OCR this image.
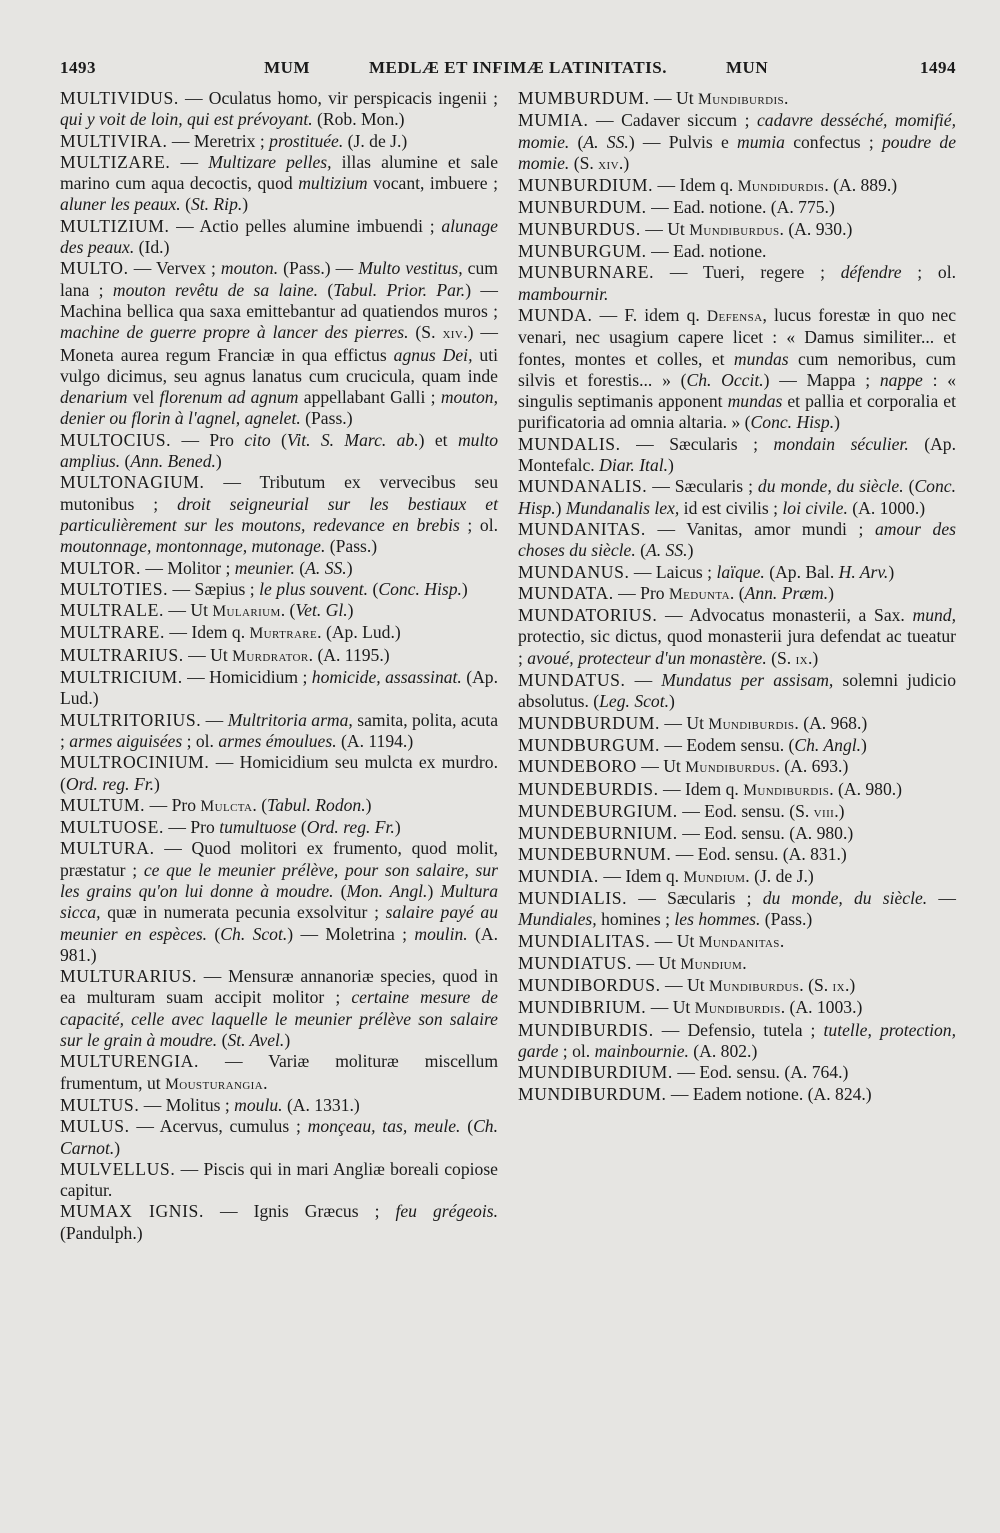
1493	MUM	MEDLÆ ET INFIMÆ LATINITATIS.	MUN	1494

MULTIVIDUS. — Oculatus homo, vir perspicacis ingenii ; qui y voit de loin, qui est prévoyant. (Rob. Mon.)

MULTIVIRA. — Meretrix ; prostituée. (J. de J.)

MULTIZARE. — Multizare pelles, illas alumine et sale marino cum aqua decoctis, quod multizium vocant, imbuere ; aluner les peaux. (St. Rip.)

MULTIZIUM. — Actio pelles alumine imbuendi ; alunage des peaux. (Id.)

MULTO. — Vervex ; mouton. (Pass.) — Multo vestitus, cum lana ; mouton revêtu de sa laine. (Tabul. Prior. Par.) — Machina bellica qua saxa emittebantur ad quatiendos muros ; machine de guerre propre à lancer des pierres. (S. xiv.) — Moneta aurea regum Franciæ in qua effictus agnus Dei, uti vulgo dicimus, seu agnus lanatus cum crucicula, quam inde denarium vel florenum ad agnum appellabant Galli ; mouton, denier ou florin à l'agnel, agnelet. (Pass.)

MULTOCIUS. — Pro cito (Vit. S. Marc. ab.) et multo amplius. (Ann. Bened.)

MULTONAGIUM. — Tributum ex vervecibus seu mutonibus ; droit seigneurial sur les bestiaux et particulièrement sur les moutons, redevance en brebis ; ol. moutonnage, montonnage, mutonage. (Pass.)

MULTOR. — Molitor ; meunier. (A. SS.)

MULTOTIES. — Sæpius ; le plus souvent. (Conc. Hisp.)

MULTRALE. — Ut Mularium. (Vet. Gl.)

MULTRARE. — Idem q. Murtrare. (Ap. Lud.)

MULTRARIUS. — Ut Murdrator. (A. 1195.)

MULTRICIUM. — Homicidium ; homicide, assassinat. (Ap. Lud.)

MULTRITORIUS. — Multritoria arma, samita, polita, acuta ; armes aiguisées ; ol. armes émoulues. (A. 1194.)

MULTROCINIUM. — Homicidium seu mulcta ex murdro. (Ord. reg. Fr.)

MULTUM. — Pro Mulcta. (Tabul. Rodon.)

MULTUOSE. — Pro tumultuose (Ord. reg. Fr.)

MULTURA. — Quod molitori ex frumento, quod molit, præstatur ; ce que le meunier prélève, pour son salaire, sur les grains qu'on lui donne à moudre. (Mon. Angl.) Multura sicca, quæ in numerata pecunia exsolvitur ; salaire payé au meunier en espèces. (Ch. Scot.) — Moletrina ; moulin. (A. 981.)

MULTURARIUS. — Mensuræ annanoriæ species, quod in ea multuram suam accipit molitor ; certaine mesure de capacité, celle avec laquelle le meunier prélève son salaire sur le grain à moudre. (St. Avel.)

MULTURENGIA. — Variæ molituræ miscellum frumentum, ut Mousturangia.

MULTUS. — Molitus ; moulu. (A. 1331.)

MULUS. — Acervus, cumulus ; monçeau, tas, meule. (Ch. Carnot.)

MULVELLUS. — Piscis qui in mari Angliæ boreali copiose capitur.

MUMAX IGNIS. — Ignis Græcus ; feu grégeois. (Pandulph.)

MUMBURDUM. — Ut Mundiburdis.

MUMIA. — Cadaver siccum ; cadavre desséché, momifié, momie. (A. SS.) — Pulvis e mumia confectus ; poudre de momie. (S. xiv.)

MUNBURDIUM. — Idem q. Mundidurdis. (A. 889.)

MUNBURDUM. — Ead. notione. (A. 775.)

MUNBURDUS. — Ut Mundiburdus. (A. 930.)

MUNBURGUM. — Ead. notione.

MUNBURNARE. — Tueri, regere ; défendre ; ol. mambournir.

MUNDA. — F. idem q. Defensa, lucus forestæ in quo nec venari, nec usagium capere licet : « Damus similiter... et fontes, montes et colles, et mundas cum nemoribus, cum silvis et forestis... » (Ch. Occit.) — Mappa ; nappe : « singulis septimanis apponent mundas et pallia et corporalia et purificatoria ad omnia altaria. » (Conc. Hisp.)

MUNDALIS. — Sæcularis ; mondain séculier. (Ap. Montefalc. Diar. Ital.)

MUNDANALIS. — Sæcularis ; du monde, du siècle. (Conc. Hisp.) Mundanalis lex, id est civilis ; loi civile. (A. 1000.)

MUNDANITAS. — Vanitas, amor mundi ; amour des choses du siècle. (A. SS.)

MUNDANUS. — Laicus ; laïque. (Ap. Bal. H. Arv.)

MUNDATA. — Pro Medunta. (Ann. Præm.)

MUNDATORIUS. — Advocatus monasterii, a Sax. mund, protectio, sic dictus, quod monasterii jura defendat ac tueatur ; avoué, protecteur d'un monastère. (S. ix.)

MUNDATUS. — Mundatus per assisam, solemni judicio absolutus. (Leg. Scot.)

MUNDBURDUM. — Ut Mundiburdis. (A. 968.)

MUNDBURGUM. — Eodem sensu. (Ch. Angl.)

MUNDEBORO — Ut Mundiburdus. (A. 693.)

MUNDEBURDIS. — Idem q. Mundiburdis. (A. 980.)

MUNDEBURGIUM. — Eod. sensu. (S. viii.)

MUNDEBURNIUM. — Eod. sensu. (A. 980.)

MUNDEBURNUM. — Eod. sensu. (A. 831.)

MUNDIA. — Idem q. Mundium. (J. de J.)

MUNDIALIS. — Sæcularis ; du monde, du siècle. — Mundiales, homines ; les hommes. (Pass.)

MUNDIALITAS. — Ut Mundanitas.

MUNDIATUS. — Ut Mundium.

MUNDIBORDUS. — Ut Mundiburdus. (S. ix.)

MUNDIBRIUM. — Ut Mundiburdis. (A. 1003.)

MUNDIBURDIS. — Defensio, tutela ; tutelle, protection, garde ; ol. mainbournie. (A. 802.)

MUNDIBURDIUM. — Eod. sensu. (A. 764.)

MUNDIBURDUM. — Eadem notione. (A. 824.)
